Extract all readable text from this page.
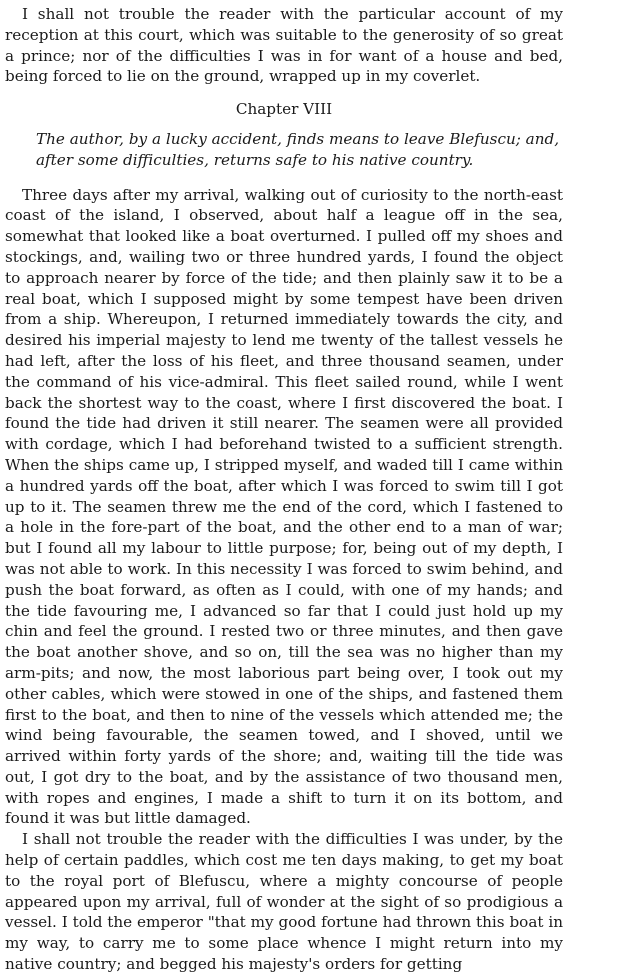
I shall not trouble the reader with the particular account of my reception at this court, which was suitable to the generosity of so great a prince; nor of the difficulties I was in for want of a house and bed, being forced to lie on the ground, wrapped up in my coverlet.

Chapter VIII

The author, by a lucky accident, finds means to leave Blefuscu; and, after some difficulties, returns safe to his native country.

Three days after my arrival, walking out of curiosity to the north-east coast of the island, I observed, about half a league off in the sea, somewhat that looked like a boat overturned. I pulled off my shoes and stockings, and, wailing two or three hundred yards, I found the object to approach nearer by force of the tide; and then plainly saw it to be a real boat, which I supposed might by some tempest have been driven from a ship. Whereupon, I returned immediately towards the city, and desired his imperial majesty to lend me twenty of the tallest vessels he had left, after the loss of his fleet, and three thousand seamen, under the command of his vice-admiral. This fleet sailed round, while I went back the shortest way to the coast, where I first discovered the boat. I found the tide had driven it still nearer. The seamen were all provided with cordage, which I had beforehand twisted to a sufficient strength. When the ships came up, I stripped myself, and waded till I came within a hundred yards off the boat, after which I was forced to swim till I got up to it. The seamen threw me the end of the cord, which I fastened to a hole in the fore-part of the boat, and the other end to a man of war; but I found all my labour to little purpose; for, being out of my depth, I was not able to work. In this necessity I was forced to swim behind, and push the boat forward, as often as I could, with one of my hands; and the tide favouring me, I advanced so far that I could just hold up my chin and feel the ground. I rested two or three minutes, and then gave the boat another shove, and so on, till the sea was no higher than my arm-pits; and now, the most laborious part being over, I took out my other cables, which were stowed in one of the ships, and fastened them first to the boat, and then to nine of the vessels which attended me; the wind being favourable, the seamen towed, and I shoved, until we arrived within forty yards of the shore; and, waiting till the tide was out, I got dry to the boat, and by the assistance of two thousand men, with ropes and engines, I made a shift to turn it on its bottom, and found it was but little damaged.

I shall not trouble the reader with the difficulties I was under, by the help of certain paddles, which cost me ten days making, to get my boat to the royal port of Blefuscu, where a mighty concourse of people appeared upon my arrival, full of wonder at the sight of so prodigious a vessel. I told the emperor "that my good fortune had thrown this boat in my way, to carry me to some place whence I might return into my native country; and begged his majesty's orders for getting
